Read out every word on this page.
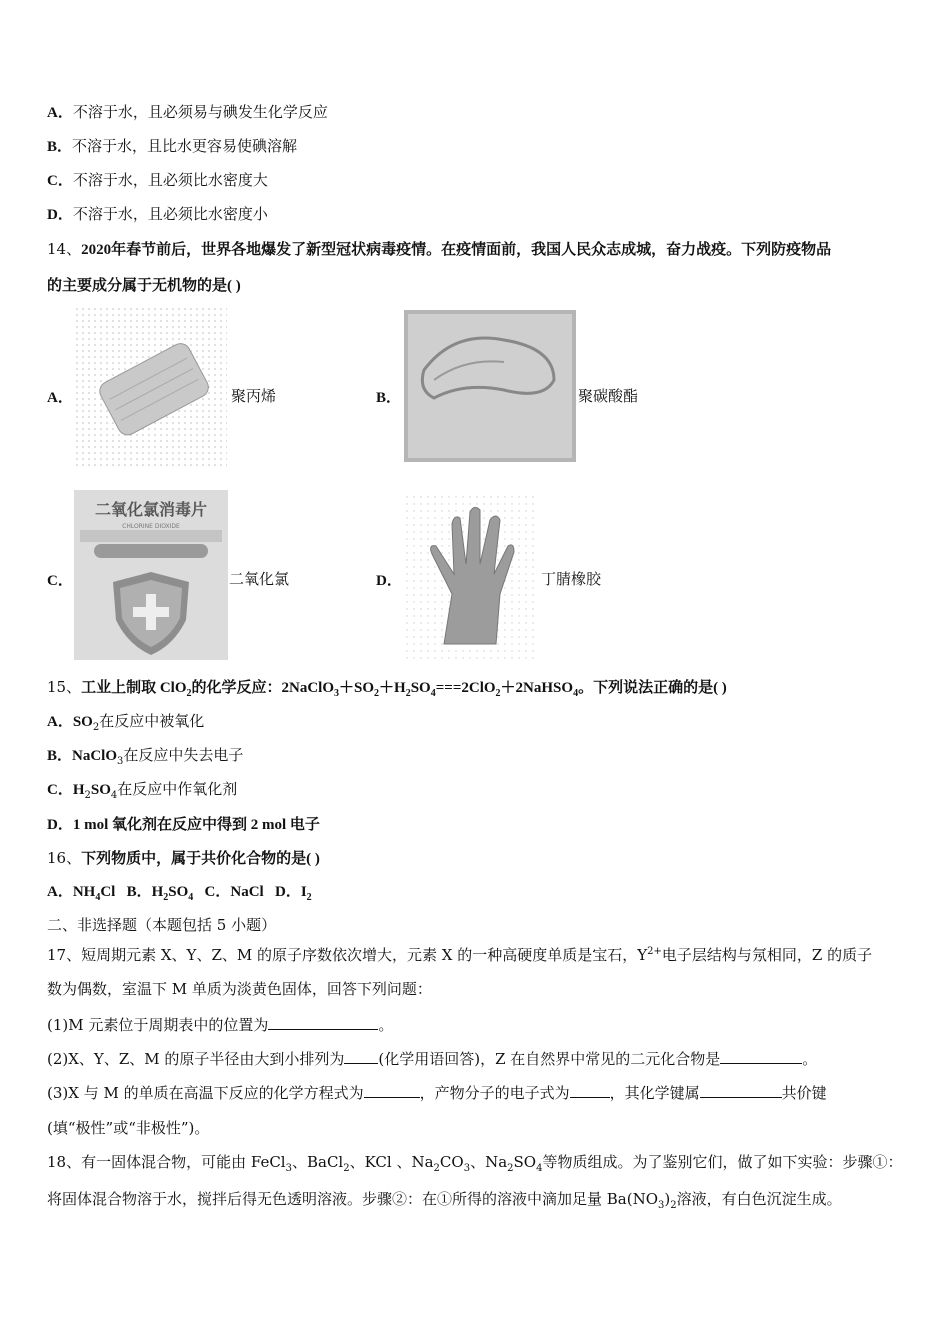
A．不溶于水，且必须易与碘发生化学反应
B．不溶于水，且比水更容易使碘溶解
C．不溶于水，且必须比水密度大
D．不溶于水，且必须比水密度小
14、2020年春节前后，世界各地爆发了新型冠状病毒疫情。在疫情面前，我国人民众志成城，奋力战疫。下列防疫物品
的主要成分属于无机物的是( )
A．	聚丙烯	B．	聚碳酸酯
C．
二氧化氯消毒片
CHLORINE DIOXIDE
二氧化氯	D．	丁腈橡胶
15、工业上制取 ClO$_2$的化学反应：$2NaClO_3+SO_2+H_2SO_4===2ClO_2+2NaHSO_4$。下列说法正确的是( )
A．$SO_2$在反应中被氧化
B．NaClO$_3$在反应中失去电子
C．$H_2SO_4$在反应中作氧化剂
D．1 mol 氧化剂在反应中得到 2 mol 电子
16、下列物质中，属于共价化合物的是( )
A．$NH_4Cl$ B．$H_2SO_4$ C．NaCl D．$I_2$
二、非选择题（本题包括 5 小题）
17、短周期元素 X、Y、Z、M 的原子序数依次增大，元素 X 的一种高硬度单质是宝石，$Y^{2+}$电子层结构与氖相同，Z 的质子
数为偶数，室温下 M 单质为淡黄色固体，回答下列问题：
(1)M 元素位于周期表中的位置为	。
(2)X、Y、Z、M 的原子半径由大到小排列为 (化学用语回答)，Z 在自然界中常见的二元化合物是	。
(3)X 与 M 的单质在高温下反应的化学方程式为	，产物分子的电子式为	，其化学键属	共价键
(填“极性”或“非极性”)。
18、有一固体混合物，可能由 FeCl$_3$、BaCl$_2$、KCl 、$Na_2CO_3$、$Na_2SO_4$等物质组成。为了鉴别它们，做了如下实验：步骤①：
将固体混合物溶于水，搅拌后得无色透明溶液。步骤②：在①所得的溶液中滴加足量 $Ba(NO_3)_2$溶液，有白色沉淀生成。
